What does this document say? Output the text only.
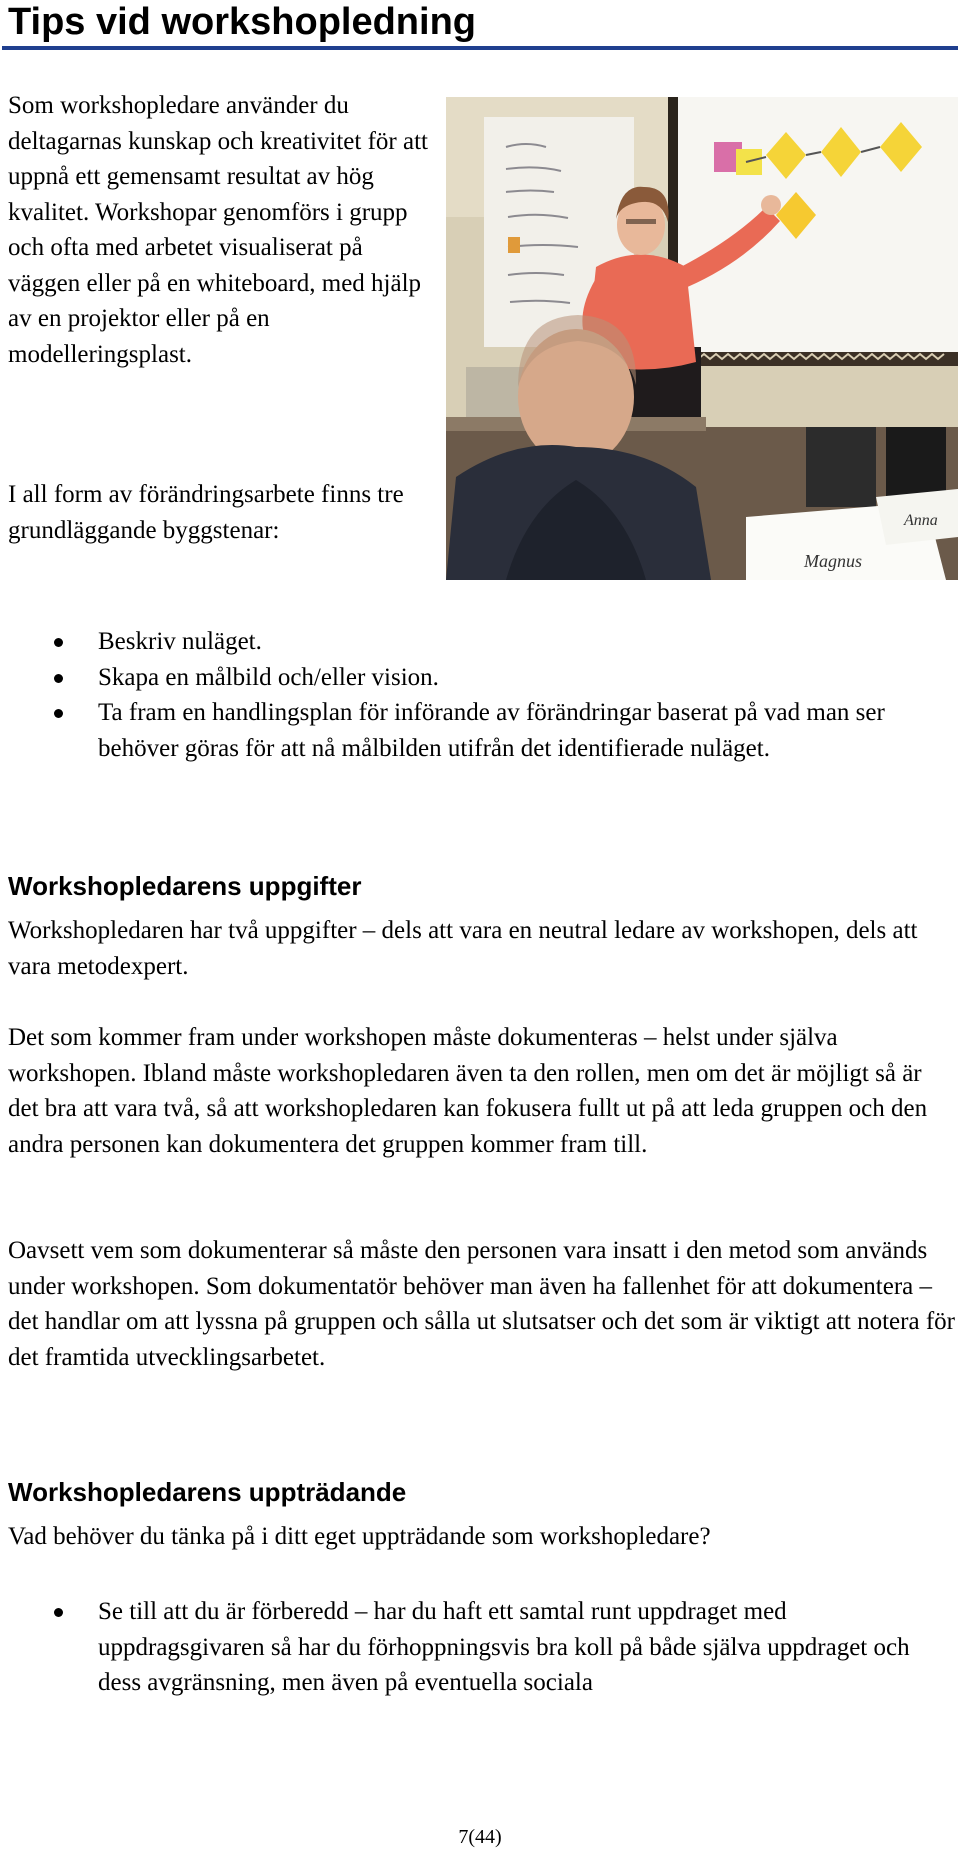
Tips vid workshopledning

Som workshopledare använder du deltagarnas kunskap och kreativitet för att uppnå ett gemensamt resultat av hög kvalitet. Workshopar genomförs i grupp och ofta med arbetet visualiserat på väggen eller på en whiteboard, med hjälp av en projektor eller på en modelleringsplast.

I all form av förändringsarbete finns tre grundläggande byggstenar:

Magnus
Anna
Beskriv nuläget.
Skapa en målbild och/eller vision.
Ta fram en handlingsplan för införande av förändringar baserat på vad man ser behöver göras för att nå målbilden utifrån det identifierade nuläget.
Workshopledarens uppgifter

Workshopledaren har två uppgifter – dels att vara en neutral ledare av workshopen, dels att vara metodexpert.

Det som kommer fram under workshopen måste dokumenteras – helst under själva workshopen. Ibland måste workshopledaren även ta den rollen, men om det är möjligt så är det bra att vara två, så att workshopledaren kan fokusera fullt ut på att leda gruppen och den andra personen kan dokumentera det gruppen kommer fram till.

Oavsett vem som dokumenterar så måste den personen vara insatt i den metod som används under workshopen. Som dokumentatör behöver man även ha fallenhet för att dokumentera – det handlar om att lyssna på gruppen och sålla ut slutsatser och det som är viktigt att notera för det framtida utvecklingsarbetet.

Workshopledarens uppträdande

Vad behöver du tänka på i ditt eget uppträdande som workshopledare?

Se till att du är förberedd – har du haft ett samtal runt uppdraget med uppdragsgivaren så har du förhoppningsvis bra koll på både själva uppdraget och dess avgränsning, men även på eventuella sociala
7(44)
